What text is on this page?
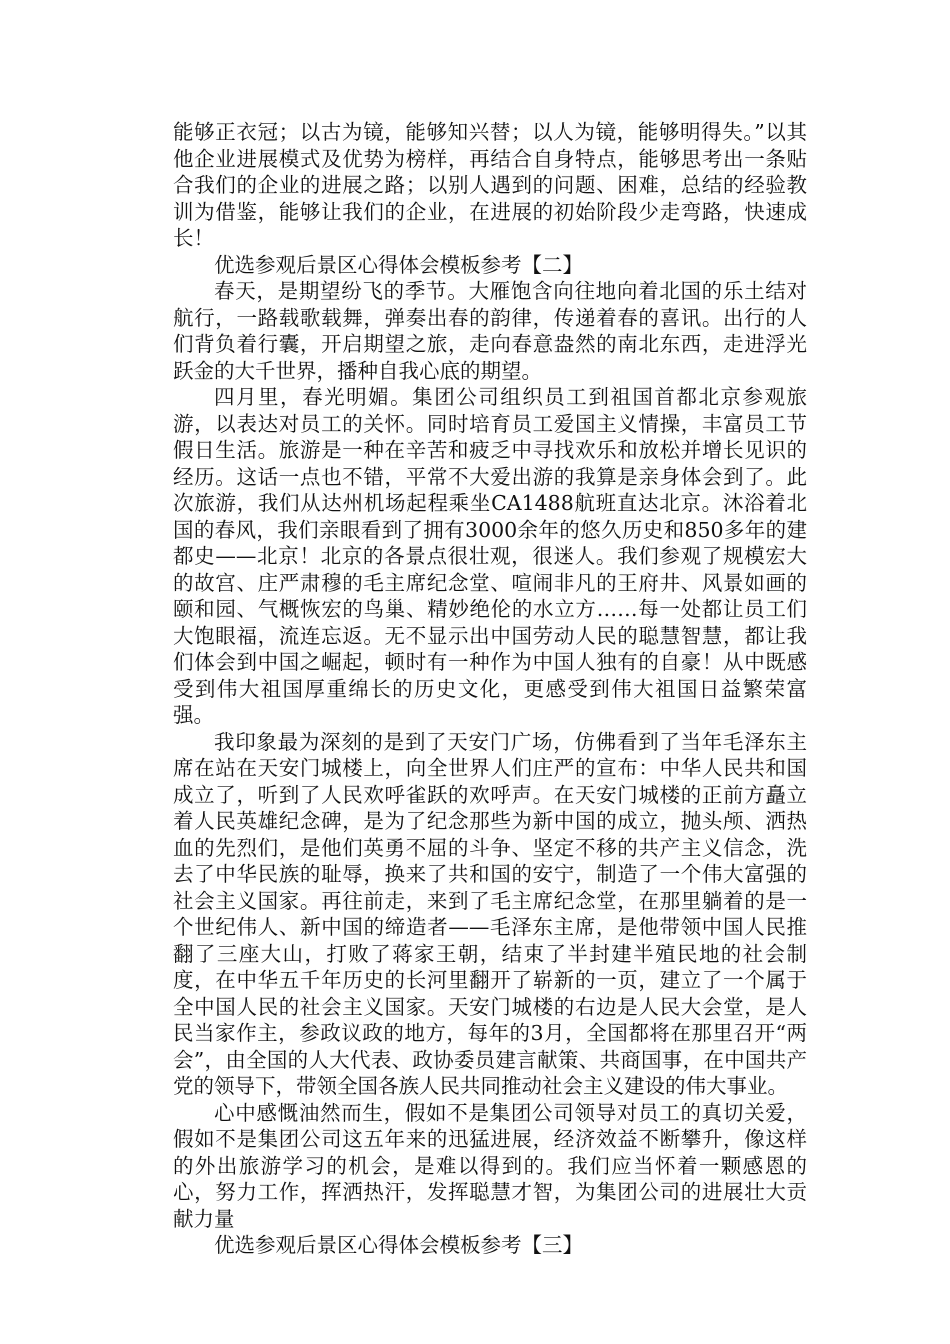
能够正衣冠；以古为镜，能够知兴替；以人为镜，能够明得失。”以其他企业进展模式及优势为榜样，再结合自身特点，能够思考出一条贴合我们的企业的进展之路；以别人遇到的问题、困难，总结的经验教训为借鉴，能够让我们的企业，在进展的初始阶段少走弯路，快速成长！

优选参观后景区心得体会模板参考【二】

春天，是期望纷飞的季节。大雁饱含向往地向着北国的乐土结对航行，一路载歌载舞，弹奏出春的韵律，传递着春的喜讯。出行的人们背负着行囊，开启期望之旅，走向春意盎然的南北东西，走进浮光跃金的大千世界，播种自我心底的期望。

四月里，春光明媚。集团公司组织员工到祖国首都北京参观旅游，以表达对员工的关怀。同时培育员工爱国主义情操，丰富员工节假日生活。旅游是一种在辛苦和疲乏中寻找欢乐和放松并增长见识的经历。这话一点也不错，平常不大爱出游的我算是亲身体会到了。此次旅游，我们从达州机场起程乘坐CA1488航班直达北京。沐浴着北国的春风，我们亲眼看到了拥有3000余年的悠久历史和850多年的建都史——北京！北京的各景点很壮观，很迷人。我们参观了规模宏大的故宫、庄严肃穆的毛主席纪念堂、喧闹非凡的王府井、风景如画的颐和园、气概恢宏的鸟巢、精妙绝伦的水立方……每一处都让员工们大饱眼福，流连忘返。无不显示出中国劳动人民的聪慧智慧，都让我们体会到中国之崛起，顿时有一种作为中国人独有的自豪！从中既感受到伟大祖国厚重绵长的历史文化，更感受到伟大祖国日益繁荣富强。

我印象最为深刻的是到了天安门广场，仿佛看到了当年毛泽东主席在站在天安门城楼上，向全世界人们庄严的宣布：中华人民共和国成立了，听到了人民欢呼雀跃的欢呼声。在天安门城楼的正前方矗立着人民英雄纪念碑，是为了纪念那些为新中国的成立，抛头颅、洒热血的先烈们，是他们英勇不屈的斗争、坚定不移的共产主义信念，洗去了中华民族的耻辱，换来了共和国的安宁，制造了一个伟大富强的社会主义国家。再往前走，来到了毛主席纪念堂，在那里躺着的是一个世纪伟人、新中国的缔造者——毛泽东主席，是他带领中国人民推翻了三座大山，打败了蒋家王朝，结束了半封建半殖民地的社会制度，在中华五千年历史的长河里翻开了崭新的一页，建立了一个属于全中国人民的社会主义国家。天安门城楼的右边是人民大会堂，是人民当家作主，参政议政的地方，每年的3月，全国都将在那里召开“两会”，由全国的人大代表、政协委员建言献策、共商国事，在中国共产党的领导下，带领全国各族人民共同推动社会主义建设的伟大事业。

心中感慨油然而生，假如不是集团公司领导对员工的真切关爱，假如不是集团公司这五年来的迅猛进展，经济效益不断攀升，像这样的外出旅游学习的机会，是难以得到的。我们应当怀着一颗感恩的心，努力工作，挥洒热汗，发挥聪慧才智，为集团公司的进展壮大贡献力量

优选参观后景区心得体会模板参考【三】
